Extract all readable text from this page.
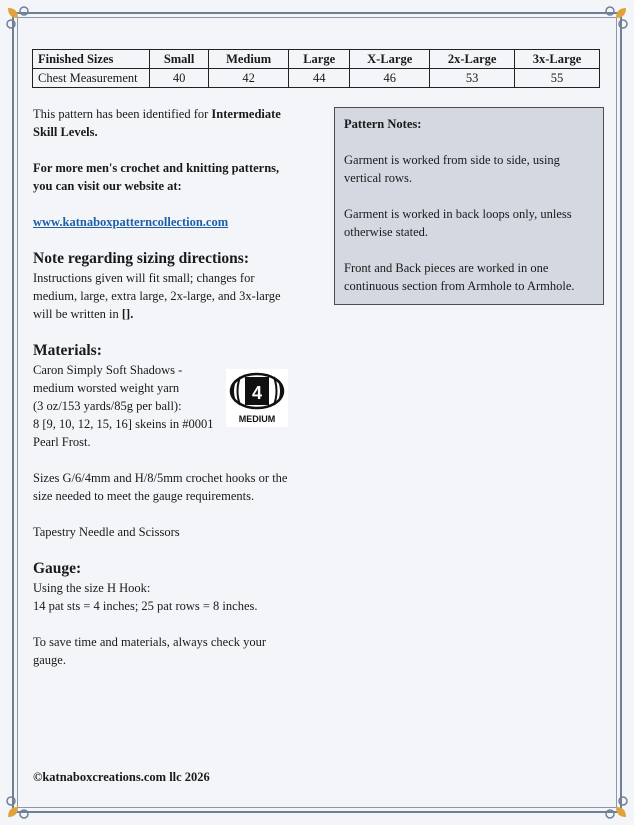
Finished Sizes	Small	Medium	Large	X-Large	2x-Large	3x-Large
Chest Measurement	40	42	44	46	53	55

This pattern has been identified for Intermediate Skill Levels.

For more men's crochet and knitting patterns, you can visit our website at:

www.katnaboxpatterncollection.com

Note regarding sizing directions:

Instructions given will fit small; changes for medium, large, extra large, 2x-large, and 3x-large will be written in [].

Materials:
Caron Simply Soft Shadows -
medium worsted weight yarn
(3 oz/153 yards/85g per ball):
8 [9, 10, 12, 15, 16] skeins in #0001
Pearl Frost.
4
MEDIUM

Sizes G/6/4mm and H/8/5mm crochet hooks or the size needed to meet the gauge requirements.

Tapestry Needle and Scissors

Gauge:
Using the size H Hook:

14 pat sts = 4 inches; 25 pat rows = 8 inches.

To save time and materials, always check your gauge.

Pattern Notes:

Garment is worked from side to side, using vertical rows.

Garment is worked in back loops only, unless otherwise stated.

Front and Back pieces are worked in one continuous section from Armhole to Armhole.

©katnaboxcreations.com llc 2026
